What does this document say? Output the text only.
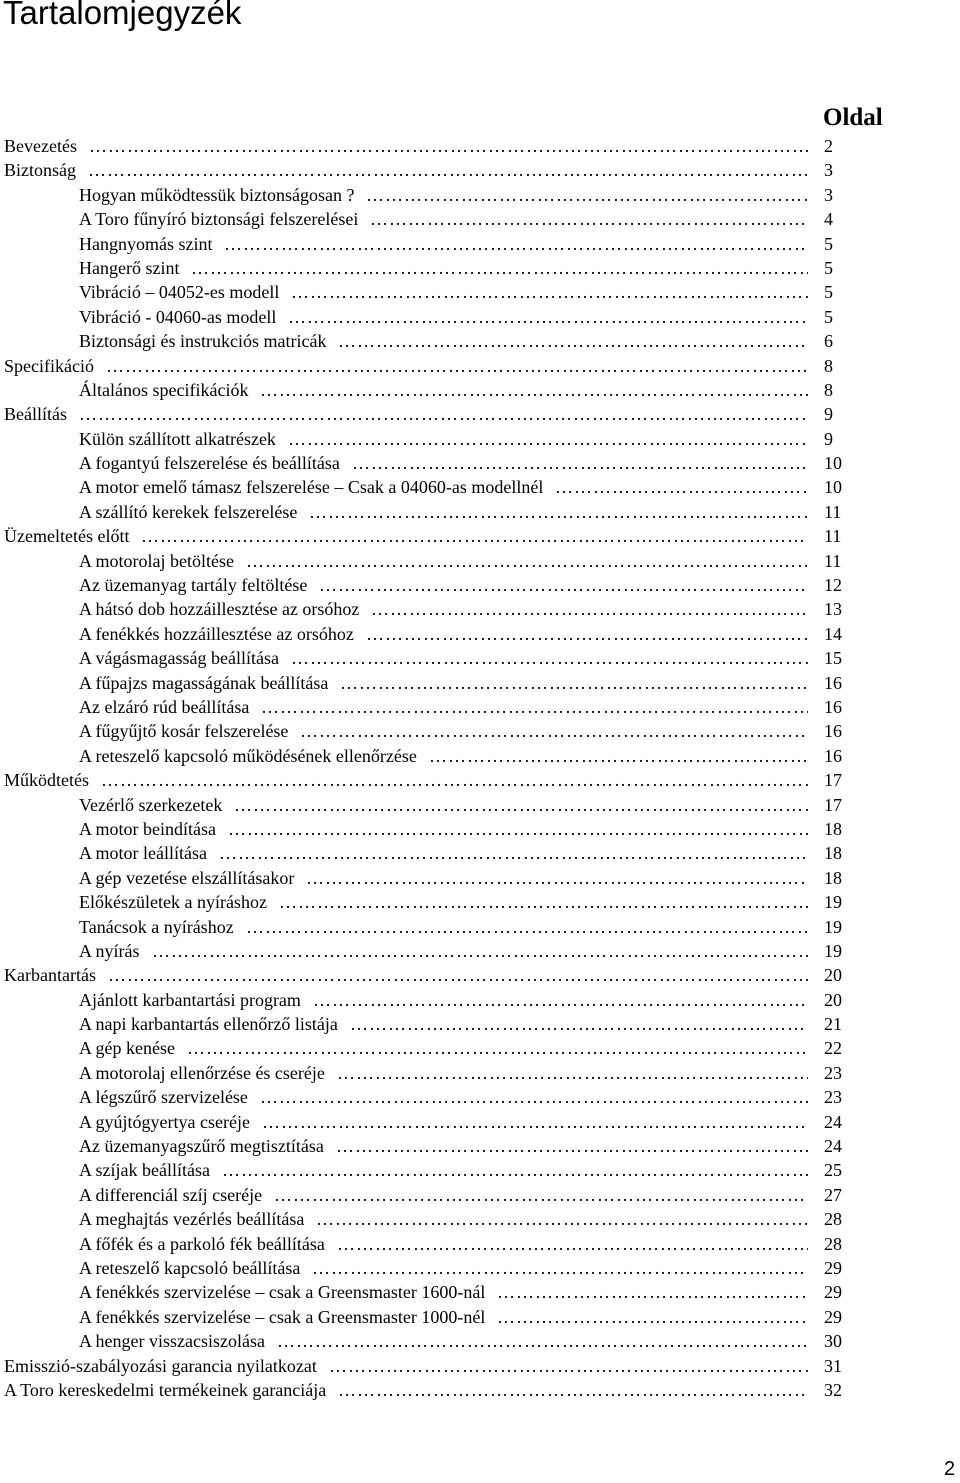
Tartalomjegyzék
Oldal
Bevezetés …………………………………………………………………………………………………………………………………………………………………………	2
Biztonság …………………………………………………………………………………………………………………………………………………………………………	3
Hogyan működtessük biztonságosan ? …………………………………………………………………………………………………………………………………………………………………………	3
A Toro fűnyíró biztonsági felszerelései …………………………………………………………………………………………………………………………………………………………………………	4
Hangnyomás szint …………………………………………………………………………………………………………………………………………………………………………	5
Hangerő szint …………………………………………………………………………………………………………………………………………………………………………	5
Vibráció – 04052-es modell …………………………………………………………………………………………………………………………………………………………………………	5
Vibráció - 04060-as modell …………………………………………………………………………………………………………………………………………………………………………	5
Biztonsági és instrukciós matricák …………………………………………………………………………………………………………………………………………………………………………	6
Specifikáció …………………………………………………………………………………………………………………………………………………………………………	8
Általános specifikációk …………………………………………………………………………………………………………………………………………………………………………	8
Beállítás …………………………………………………………………………………………………………………………………………………………………………	9
Külön szállított alkatrészek …………………………………………………………………………………………………………………………………………………………………………	9
A fogantyú felszerelése és beállítása …………………………………………………………………………………………………………………………………………………………………………	10
A motor emelő támasz felszerelése – Csak a 04060-as modellnél …………………………………………………………………………………………………………………………………………………………………………	10
A szállító kerekek felszerelése …………………………………………………………………………………………………………………………………………………………………………	11
Üzemeltetés előtt …………………………………………………………………………………………………………………………………………………………………………	11
A motorolaj betöltése …………………………………………………………………………………………………………………………………………………………………………	11
Az üzemanyag tartály feltöltése …………………………………………………………………………………………………………………………………………………………………………	12
A hátsó dob hozzáillesztése az orsóhoz …………………………………………………………………………………………………………………………………………………………………………	13
A fenékkés hozzáillesztése az orsóhoz …………………………………………………………………………………………………………………………………………………………………………	14
A vágásmagasság beállítása …………………………………………………………………………………………………………………………………………………………………………	15
A fűpajzs magasságának beállítása …………………………………………………………………………………………………………………………………………………………………………	16
Az elzáró rúd beállítása …………………………………………………………………………………………………………………………………………………………………………	16
A fűgyűjtő kosár felszerelése …………………………………………………………………………………………………………………………………………………………………………	16
A reteszelő kapcsoló működésének ellenőrzése …………………………………………………………………………………………………………………………………………………………………………	16
Működtetés …………………………………………………………………………………………………………………………………………………………………………	17
Vezérlő szerkezetek …………………………………………………………………………………………………………………………………………………………………………	17
A motor beindítása …………………………………………………………………………………………………………………………………………………………………………	18
A motor leállítása …………………………………………………………………………………………………………………………………………………………………………	18
A gép vezetése elszállításakor …………………………………………………………………………………………………………………………………………………………………………	18
Előkészületek a nyíráshoz …………………………………………………………………………………………………………………………………………………………………………	19
Tanácsok a nyíráshoz …………………………………………………………………………………………………………………………………………………………………………	19
A nyírás …………………………………………………………………………………………………………………………………………………………………………	19
Karbantartás …………………………………………………………………………………………………………………………………………………………………………	20
Ajánlott karbantartási program …………………………………………………………………………………………………………………………………………………………………………	20
A napi karbantartás ellenőrző listája …………………………………………………………………………………………………………………………………………………………………………	21
A gép kenése …………………………………………………………………………………………………………………………………………………………………………	22
A motorolaj ellenőrzése és cseréje …………………………………………………………………………………………………………………………………………………………………………	23
A légszűrő szervizelése …………………………………………………………………………………………………………………………………………………………………………	23
A gyújtógyertya cseréje …………………………………………………………………………………………………………………………………………………………………………	24
Az üzemanyagszűrő megtisztítása …………………………………………………………………………………………………………………………………………………………………………	24
A szíjak beállítása …………………………………………………………………………………………………………………………………………………………………………	25
A differenciál szíj cseréje …………………………………………………………………………………………………………………………………………………………………………	27
A meghajtás vezérlés beállítása …………………………………………………………………………………………………………………………………………………………………………	28
A főfék és a parkoló fék beállítása …………………………………………………………………………………………………………………………………………………………………………	28
A reteszelő kapcsoló beállítása …………………………………………………………………………………………………………………………………………………………………………	29
A fenékkés szervizelése – csak a Greensmaster 1600-nál …………………………………………………………………………………………………………………………………………………………………………	29
A fenékkés szervizelése – csak a Greensmaster 1000-nél …………………………………………………………………………………………………………………………………………………………………………	29
A henger visszacsiszolása …………………………………………………………………………………………………………………………………………………………………………	30
Emisszió-szabályozási garancia nyilatkozat …………………………………………………………………………………………………………………………………………………………………………	31
A Toro kereskedelmi termékeinek garanciája …………………………………………………………………………………………………………………………………………………………………………	32
2
